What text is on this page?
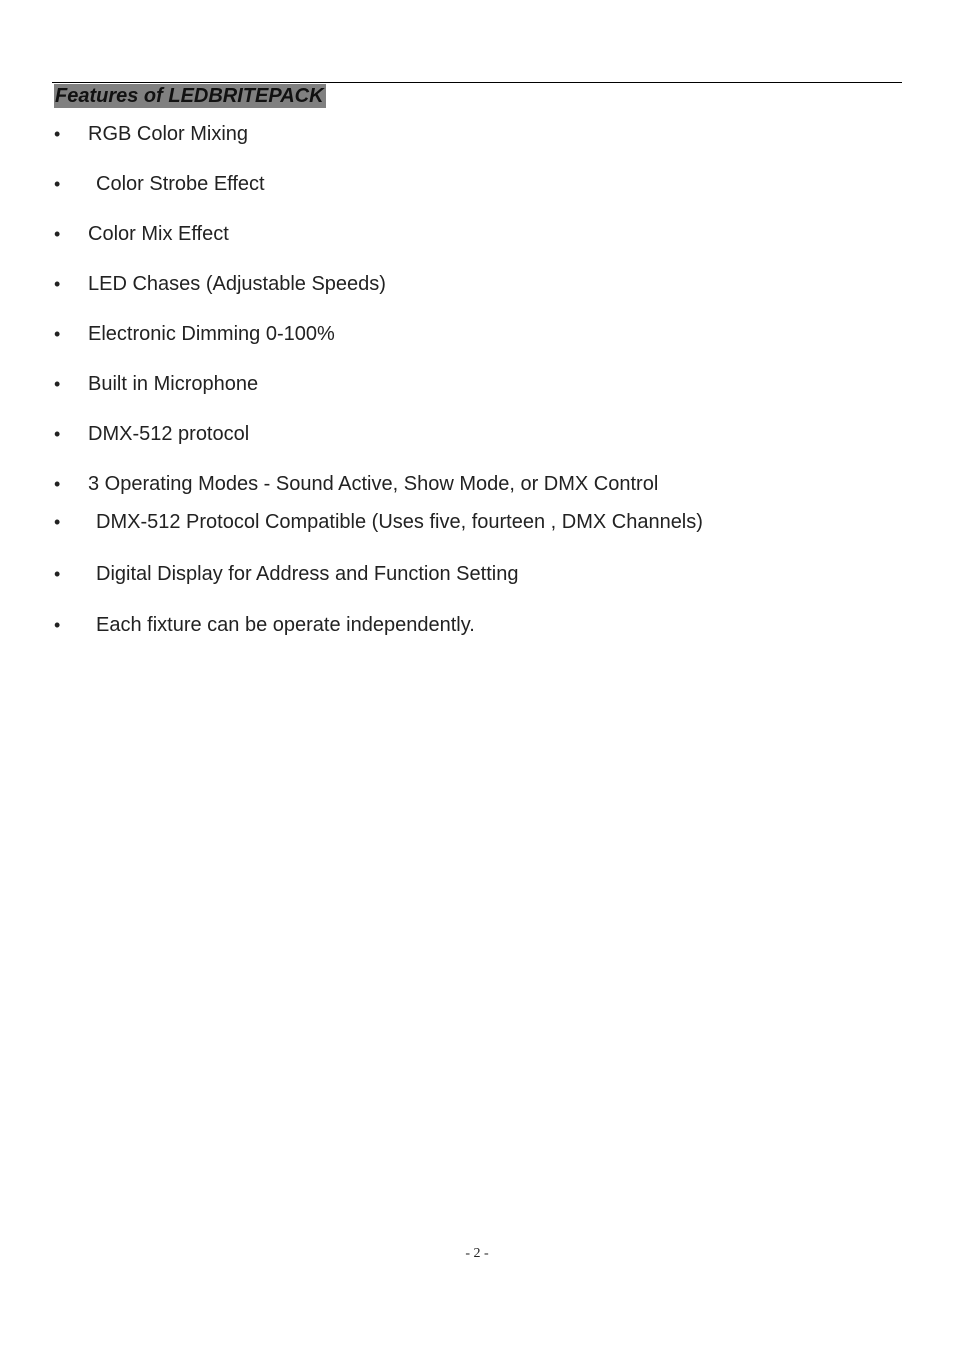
Features of LEDBRITEPACK
• RGB Color Mixing
• Color Strobe Effect
• Color Mix Effect
• LED Chases (Adjustable Speeds)
• Electronic Dimming 0-100%
• Built in Microphone
• DMX-512 protocol
• 3 Operating Modes - Sound Active, Show Mode, or DMX Control
• DMX-512 Protocol Compatible (Uses five, fourteen , DMX Channels)
• Digital Display for Address and Function Setting
• Each fixture can be operate independently.
- 2 -
